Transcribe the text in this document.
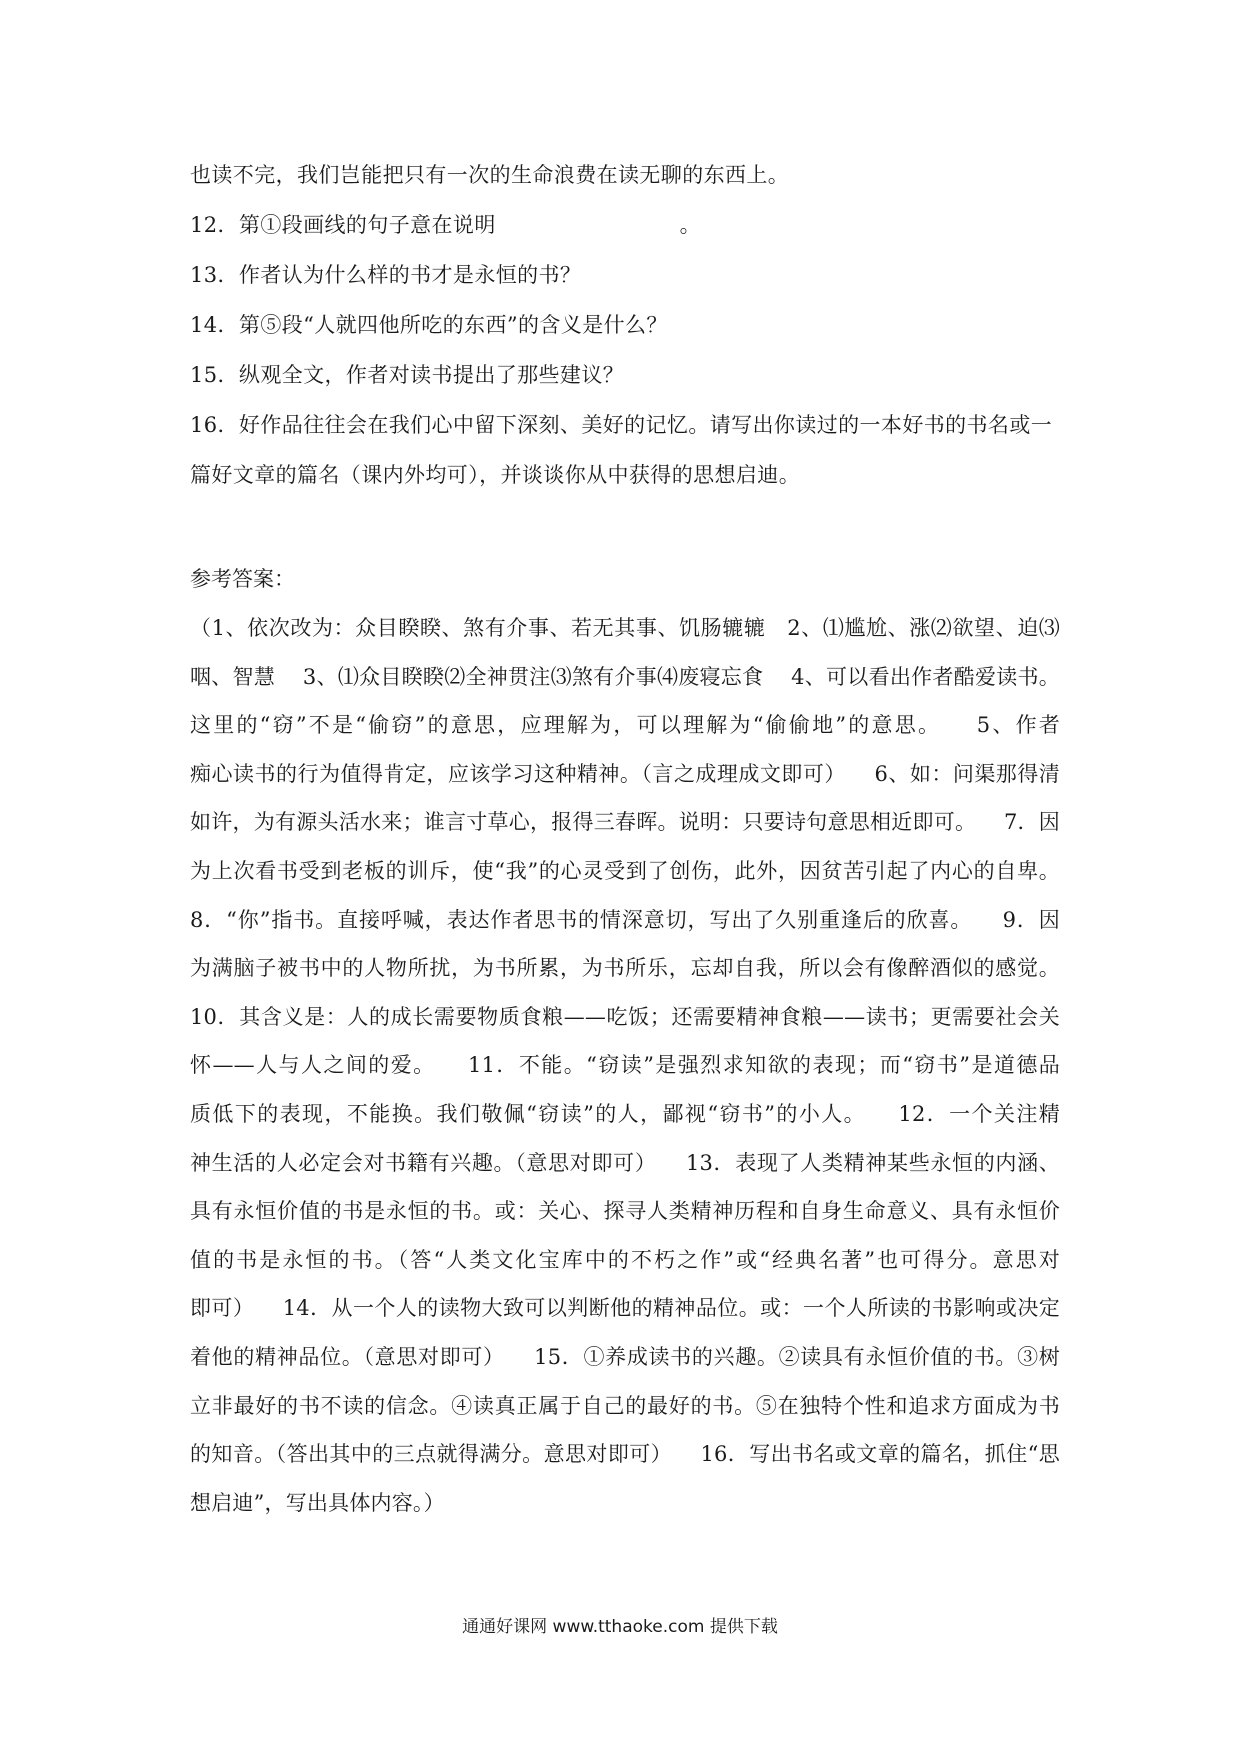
也读不完，我们岂能把只有一次的生命浪费在读无聊的东西上。
12．第①段画线的句子意在说明                          。
13．作者认为什么样的书才是永恒的书？
14．第⑤段“人就四他所吃的东西”的含义是什么？
15．纵观全文，作者对读书提出了那些建议？
16．好作品往往会在我们心中留下深刻、美好的记忆。请写出你读过的一本好书的书名或一
篇好文章的篇名（课内外均可），并谈谈你从中获得的思想启迪。
参考答案：
（1、依次改为：众目睽睽、煞有介事、若无其事、饥肠辘辘   2、⑴尴尬、涨⑵欲望、迫⑶
咽、智慧    3、⑴众目睽睽⑵全神贯注⑶煞有介事⑷废寝忘食    4、可以看出作者酷爱读书。
这里的“窃”不是“偷窃”的意思，应理解为，可以理解为“偷偷地”的意思。    5、作者
痴心读书的行为值得肯定，应该学习这种精神。（言之成理成文即可）    6、如：问渠那得清
如许，为有源头活水来；谁言寸草心，报得三春晖。说明：只要诗句意思相近即可。    7．因
为上次看书受到老板的训斥，使“我”的心灵受到了创伤，此外，因贫苦引起了内心的自卑。
8．“你”指书。直接呼喊，表达作者思书的情深意切，写出了久别重逢后的欣喜。    9．因
为满脑子被书中的人物所扰，为书所累，为书所乐，忘却自我，所以会有像醉酒似的感觉。
10．其含义是：人的成长需要物质食粮——吃饭；还需要精神食粮——读书；更需要社会关
怀——人与人之间的爱。    11．不能。“窃读”是强烈求知欲的表现；而“窃书”是道德品
质低下的表现，不能换。我们敬佩“窃读”的人，鄙视“窃书”的小人。    12．一个关注精
神生活的人必定会对书籍有兴趣。（意思对即可）    13．表现了人类精神某些永恒的内涵、
具有永恒价值的书是永恒的书。或：关心、探寻人类精神历程和自身生命意义、具有永恒价
值的书是永恒的书。（答“人类文化宝库中的不朽之作”或“经典名著”也可得分。意思对
即可）    14．从一个人的读物大致可以判断他的精神品位。或：一个人所读的书影响或决定
着他的精神品位。（意思对即可）    15．①养成读书的兴趣。②读具有永恒价值的书。③树
立非最好的书不读的信念。④读真正属于自己的最好的书。⑤在独特个性和追求方面成为书
的知音。（答出其中的三点就得满分。意思对即可）    16．写出书名或文章的篇名，抓住“思
想启迪”，写出具体内容。）
通通好课网 www.tthaoke.com 提供下载
